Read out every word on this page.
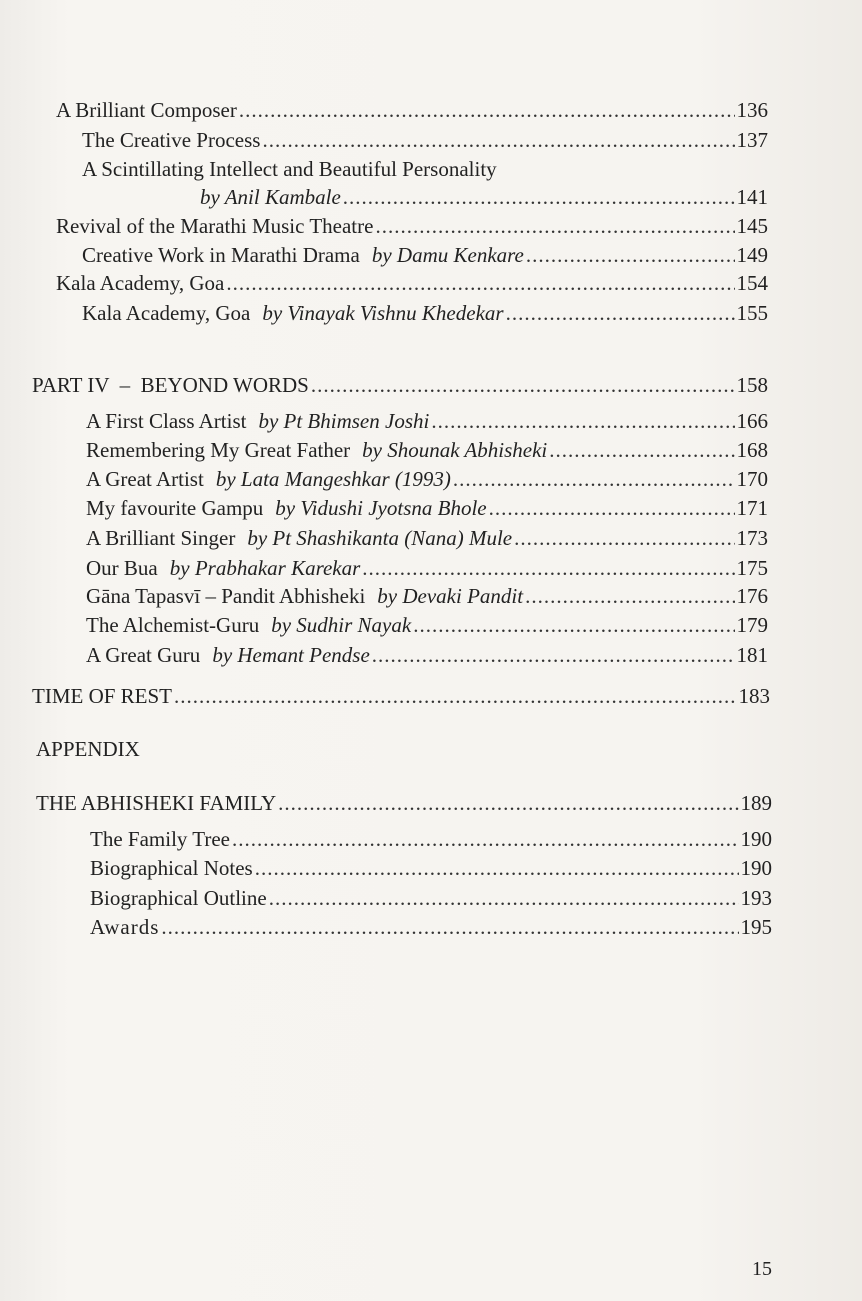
A Brilliant Composer .....	136
The Creative Process .....	137
A Scintillating Intellect and Beautiful Personality
by Anil Kambale .....	141
Revival of the Marathi Music Theatre .....	145
Creative Work in Marathi Drama by Damu Kenkare .....	149
Kala Academy, Goa .....	154
Kala Academy, Goa by Vinayak Vishnu Khedekar .....	155
PART IV  –  BEYOND WORDS .....	158
A First Class Artist by Pt Bhimsen Joshi .....	166
Remembering My Great Father by Shounak Abhisheki .....	168
A Great Artist by Lata Mangeshkar (1993) .....	170
My favourite Gampu by Vidushi Jyotsna Bhole .....	171
A Brilliant Singer by Pt Shashikanta (Nana) Mule .....	173
Our Bua by Prabhakar Karekar .....	175
Gāna Tapasvī – Pandit Abhisheki by Devaki Pandit .....	176
The Alchemist-Guru by Sudhir Nayak .....	179
A Great Guru by Hemant Pendse .....	181
TIME OF REST .....	183
APPENDIX
THE ABHISHEKI FAMILY .....	189
The Family Tree .....	190
Biographical Notes .....	190
Biographical Outline .....	193
Awards .....	195
15
